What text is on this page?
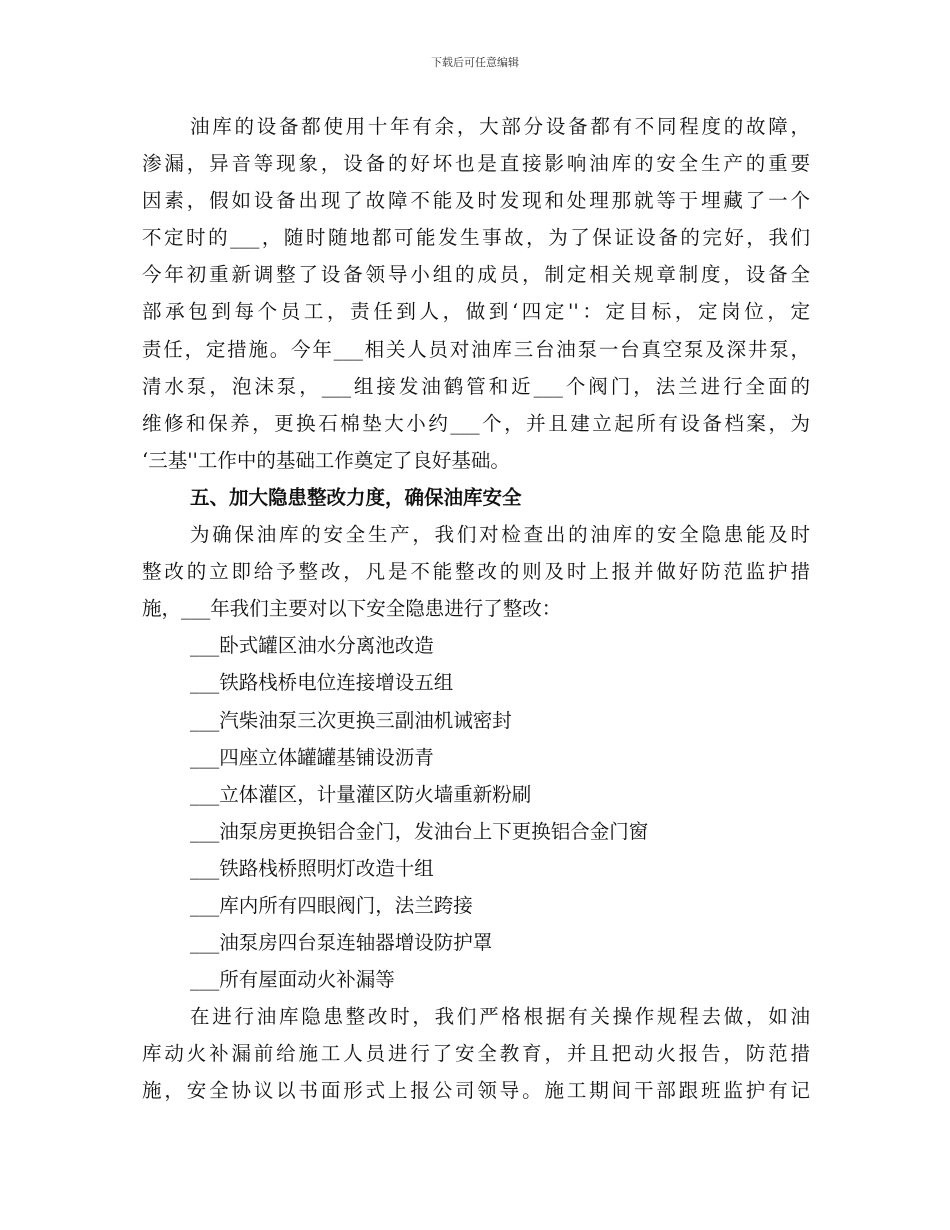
下载后可任意编辑
油库的设备都使用十年有余，大部分设备都有不同程度的故障，
渗漏，异音等现象，设备的好坏也是直接影响油库的安全生产的重要
因素，假如设备出现了故障不能及时发现和处理那就等于埋藏了一个
不定时的___，随时随地都可能发生事故，为了保证设备的完好，我们
今年初重新调整了设备领导小组的成员，制定相关规章制度，设备全
部承包到每个员工，责任到人，做到‘四定''：定目标，定岗位，定
责任，定措施。今年___相关人员对油库三台油泵一台真空泵及深井泵，
清水泵，泡沫泵，___组接发油鹤管和近___个阀门，法兰进行全面的
维修和保养，更换石棉垫大小约___个，并且建立起所有设备档案，为
‘三基''工作中的基础工作奠定了良好基础。
五、加大隐患整改力度，确保油库安全
为确保油库的安全生产，我们对检查出的油库的安全隐患能及时
整改的立即给予整改，凡是不能整改的则及时上报并做好防范监护措
施，___年我们主要对以下安全隐患进行了整改：
___卧式罐区油水分离池改造
___铁路栈桥电位连接增设五组
___汽柴油泵三次更换三副油机诫密封
___四座立体罐罐基铺设沥青
___立体灌区，计量灌区防火墙重新粉刷
___油泵房更换铝合金门，发油台上下更换铝合金门窗
___铁路栈桥照明灯改造十组
___库内所有四眼阀门，法兰跨接
___油泵房四台泵连轴器增设防护罩
___所有屋面动火补漏等
在进行油库隐患整改时，我们严格根据有关操作规程去做，如油
库动火补漏前给施工人员进行了安全教育，并且把动火报告，防范措
施，安全协议以书面形式上报公司领导。施工期间干部跟班监护有记
